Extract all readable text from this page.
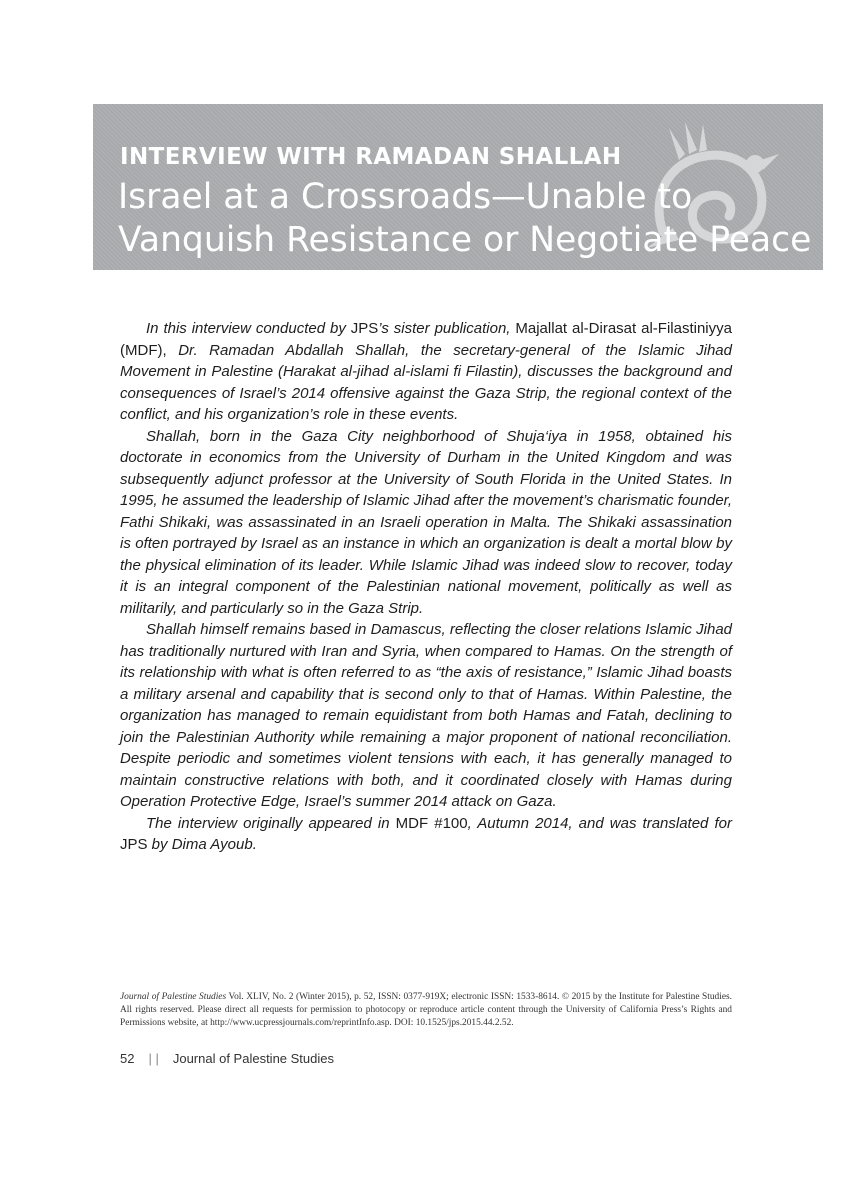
INTERVIEW WITH RAMADAN SHALLAH
Israel at a Crossroads—Unable to
Vanquish Resistance or Negotiate Peace

In this interview conducted by JPS’s sister publication, Majallat al-Dirasat al-Filastiniyya (MDF), Dr. Ramadan Abdallah Shallah, the secretary-general of the Islamic Jihad Movement in Palestine (Harakat al-jihad al-islami fi Filastin), discusses the background and consequences of Israel’s 2014 offensive against the Gaza Strip, the regional context of the conflict, and his organization’s role in these events.

Shallah, born in the Gaza City neighborhood of Shuja‘iya in 1958, obtained his doctorate in economics from the University of Durham in the United Kingdom and was subsequently adjunct professor at the University of South Florida in the United States. In 1995, he assumed the leadership of Islamic Jihad after the movement’s charismatic founder, Fathi Shikaki, was assassinated in an Israeli operation in Malta. The Shikaki assassination is often portrayed by Israel as an instance in which an organization is dealt a mortal blow by the physical elimination of its leader. While Islamic Jihad was indeed slow to recover, today it is an integral component of the Palestinian national movement, politically as well as militarily, and particularly so in the Gaza Strip.

Shallah himself remains based in Damascus, reflecting the closer relations Islamic Jihad has traditionally nurtured with Iran and Syria, when compared to Hamas. On the strength of its relationship with what is often referred to as “the axis of resistance,” Islamic Jihad boasts a military arsenal and capability that is second only to that of Hamas. Within Palestine, the organization has managed to remain equidistant from both Hamas and Fatah, declining to join the Palestinian Authority while remaining a major proponent of national reconciliation. Despite periodic and sometimes violent tensions with each, it has generally managed to maintain constructive relations with both, and it coordinated closely with Hamas during Operation Protective Edge, Israel’s summer 2014 attack on Gaza.

The interview originally appeared in MDF #100, Autumn 2014, and was translated for JPS by Dima Ayoub.

Journal of Palestine Studies Vol. XLIV, No. 2 (Winter 2015), p. 52, ISSN: 0377-919X; electronic ISSN: 1533-8614. © 2015 by the Institute for Palestine Studies. All rights reserved. Please direct all requests for permission to photocopy or reproduce article content through the University of California Press’s Rights and Permissions website, at http://www.ucpressjournals.com/reprintInfo.asp. DOI: 10.1525/jps.2015.44.2.52.
52 | | Journal of Palestine Studies
